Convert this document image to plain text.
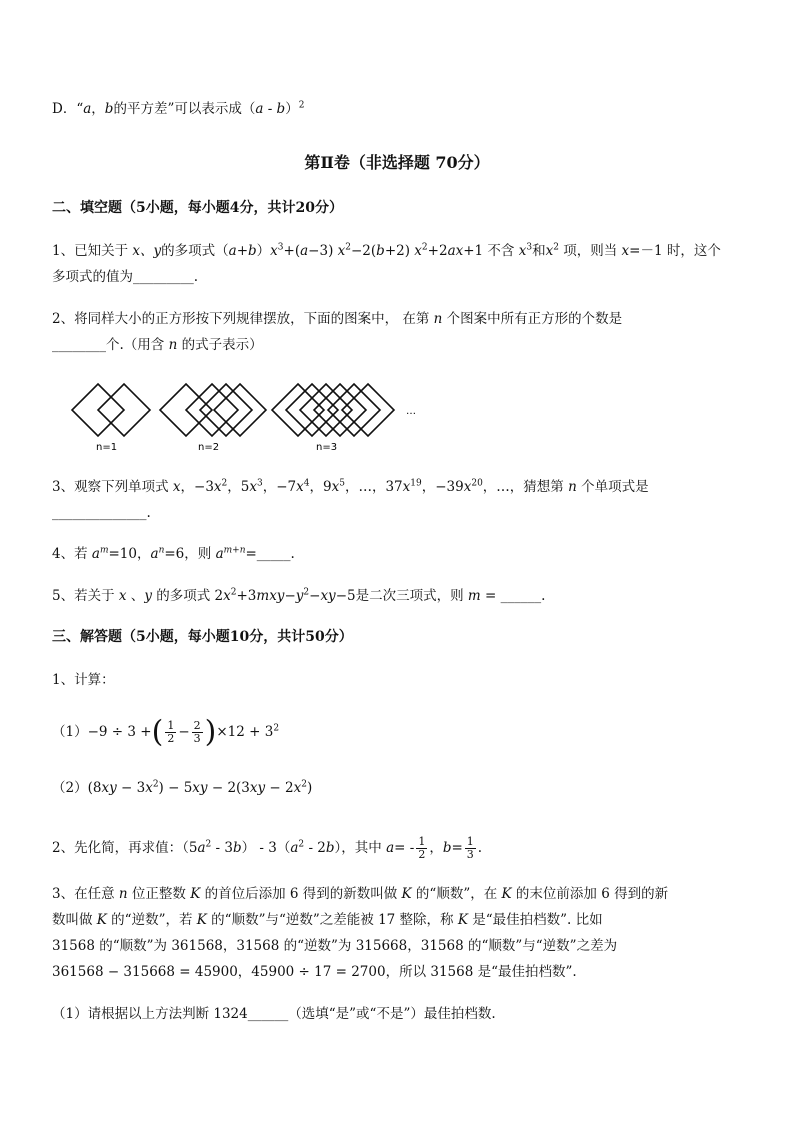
D．“a，b的平方差”可以表示成（a - b）$^2$
第Ⅱ卷（非选择题 70分）
二、填空题（5小题，每小题4分，共计20分）
1、已知关于 x、y的多项式$(a+b)x^3+(a-3)$ $x^2-2(b+2)$ $x^2+2ax+1$ 不含 $x^3$和$x^2$ 项，则当 x=－1 时，这个
多项式的值为_________.
2、将同样大小的正方形按下列规律摆放，下面的图案中， 在第 n 个图案中所有正方形的个数是
________个.（用含 n 的式子表示）
n=1	n=2	n=3
…
3、观察下列单项式 x，$-3x^2$，$5x^3$，$-7x^4$，$9x^5$，…，$37x^{19}$，$-39x^{20}$，…，猜想第 n 个单项式是
______________.
4、若 $a^m=10$，$a^n=6$，则 $a^{m+n}=\_\_\_\_\_$.
5、若关于 x 、y 的多项式 $2x^2+3mxy-y^2-xy-5$是二次三项式，则 m = ______.
三、解答题（5小题，每小题10分，共计50分）
1、计算：
（1）−9 ÷ 3 +( $\frac{1}{2} - \frac{2}{3} )\times 12 + 3^2$
$(2)(8xy - 3x^2) - 5xy - 2(3xy - 2x^2)$
2、先化简，再求值：$(5a^2 - 3b) - 3(a^2 - 2b)$，其中 $a= - \frac{1}{2}$ ，$b= \frac{1}{3}$ .
3、在任意 n 位正整数 K 的首位后添加 6 得到的新数叫做 K 的“顺数”，在 K 的末位前添加 6 得到的新
数叫做 K 的“逆数”，若 K 的“顺数”与“逆数”之差能被 17 整除，称 K 是“最佳拍档数”. 比如
31568 的“顺数”为 361568，31568 的“逆数”为 315668，31568 的“顺数”与“逆数”之差为
361568 − 315668 = 45900，45900 ÷ 17 = 2700，所以 31568 是“最佳拍档数”.
（1）请根据以上方法判断 1324______（选填“是”或“不是”）最佳拍档数.
